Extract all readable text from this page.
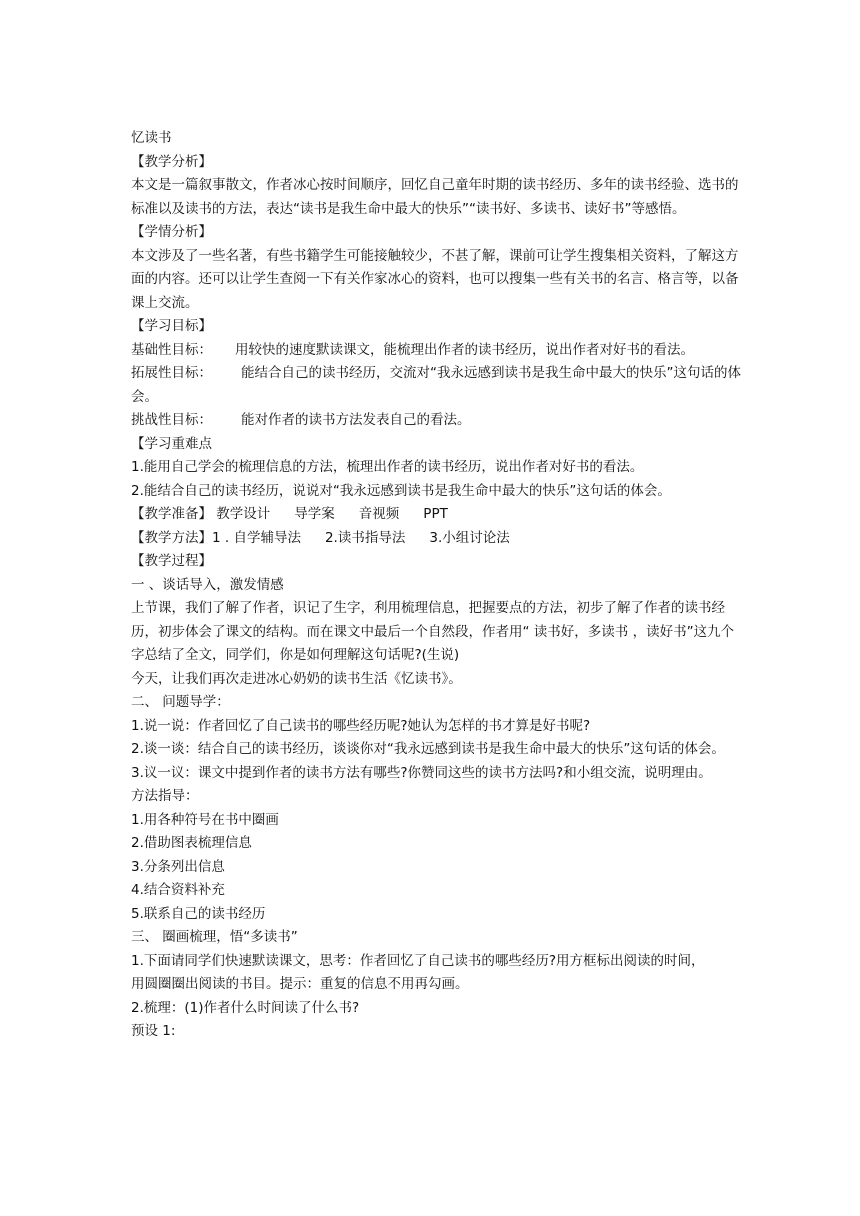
忆读书
【教学分析】
本文是一篇叙事散文，作者冰心按时间顺序，回忆自己童年时期的读书经历、多年的读书经验、选书的标准以及读书的方法，表达“读书是我生命中最大的快乐”“读书好、多读书、读好书”等感悟。
【学情分析】
本文涉及了一些名著，有些书籍学生可能接触较少，不甚了解，课前可让学生搜集相关资料，了解这方面的内容。还可以让学生查阅一下有关作家冰心的资料，也可以搜集一些有关书的名言、格言等，以备课上交流。
【学习目标】
基础性目标： 用较快的速度默读课文，能梳理出作者的读书经历，说出作者对好书的看法。
拓展性目标： 能结合自己的读书经历，交流对“我永远感到读书是我生命中最大的快乐”这句话的体会。
挑战性目标： 能对作者的读书方法发表自己的看法。
【学习重难点
1.能用自己学会的梳理信息的方法，梳理出作者的读书经历，说出作者对好书的看法。
2.能结合自己的读书经历，说说对“我永远感到读书是我生命中最大的快乐”这句话的体会。
【教学准备】 教学设计 导学案 音视频 PPT
【教学方法】1 . 自学辅导法 2.读书指导法 3.小组讨论法
【教学过程】
一 、谈话导入，激发情感
上节课，我们了解了作者，识记了生字，利用梳理信息，把握要点的方法，初步了解了作者的读书经历，初步体会了课文的结构。而在课文中最后一个自然段，作者用“ 读书好，多读书 ，读好书”这九个字总结了全文，同学们，你是如何理解这句话呢?(生说)
今天，让我们再次走进冰心奶奶的读书生活《忆读书》。
二、 问题导学：
1.说一说：作者回忆了自己读书的哪些经历呢?她认为怎样的书才算是好书呢?
2.谈一谈：结合自己的读书经历，谈谈你对“我永远感到读书是我生命中最大的快乐”这句话的体会。
3.议一议：课文中提到作者的读书方法有哪些?你赞同这些的读书方法吗?和小组交流，说明理由。
方法指导：
1.用各种符号在书中圈画
2.借助图表梳理信息
3.分条列出信息
4.结合资料补充
5.联系自己的读书经历
三、 圈画梳理，悟“多读书”
1.下面请同学们快速默读课文，思考：作者回忆了自己读书的哪些经历?用方框标出阅读的时间，
用圆圈圈出阅读的书目。提示：重复的信息不用再勾画。
2.梳理：(1)作者什么时间读了什么书?
预设 1:
